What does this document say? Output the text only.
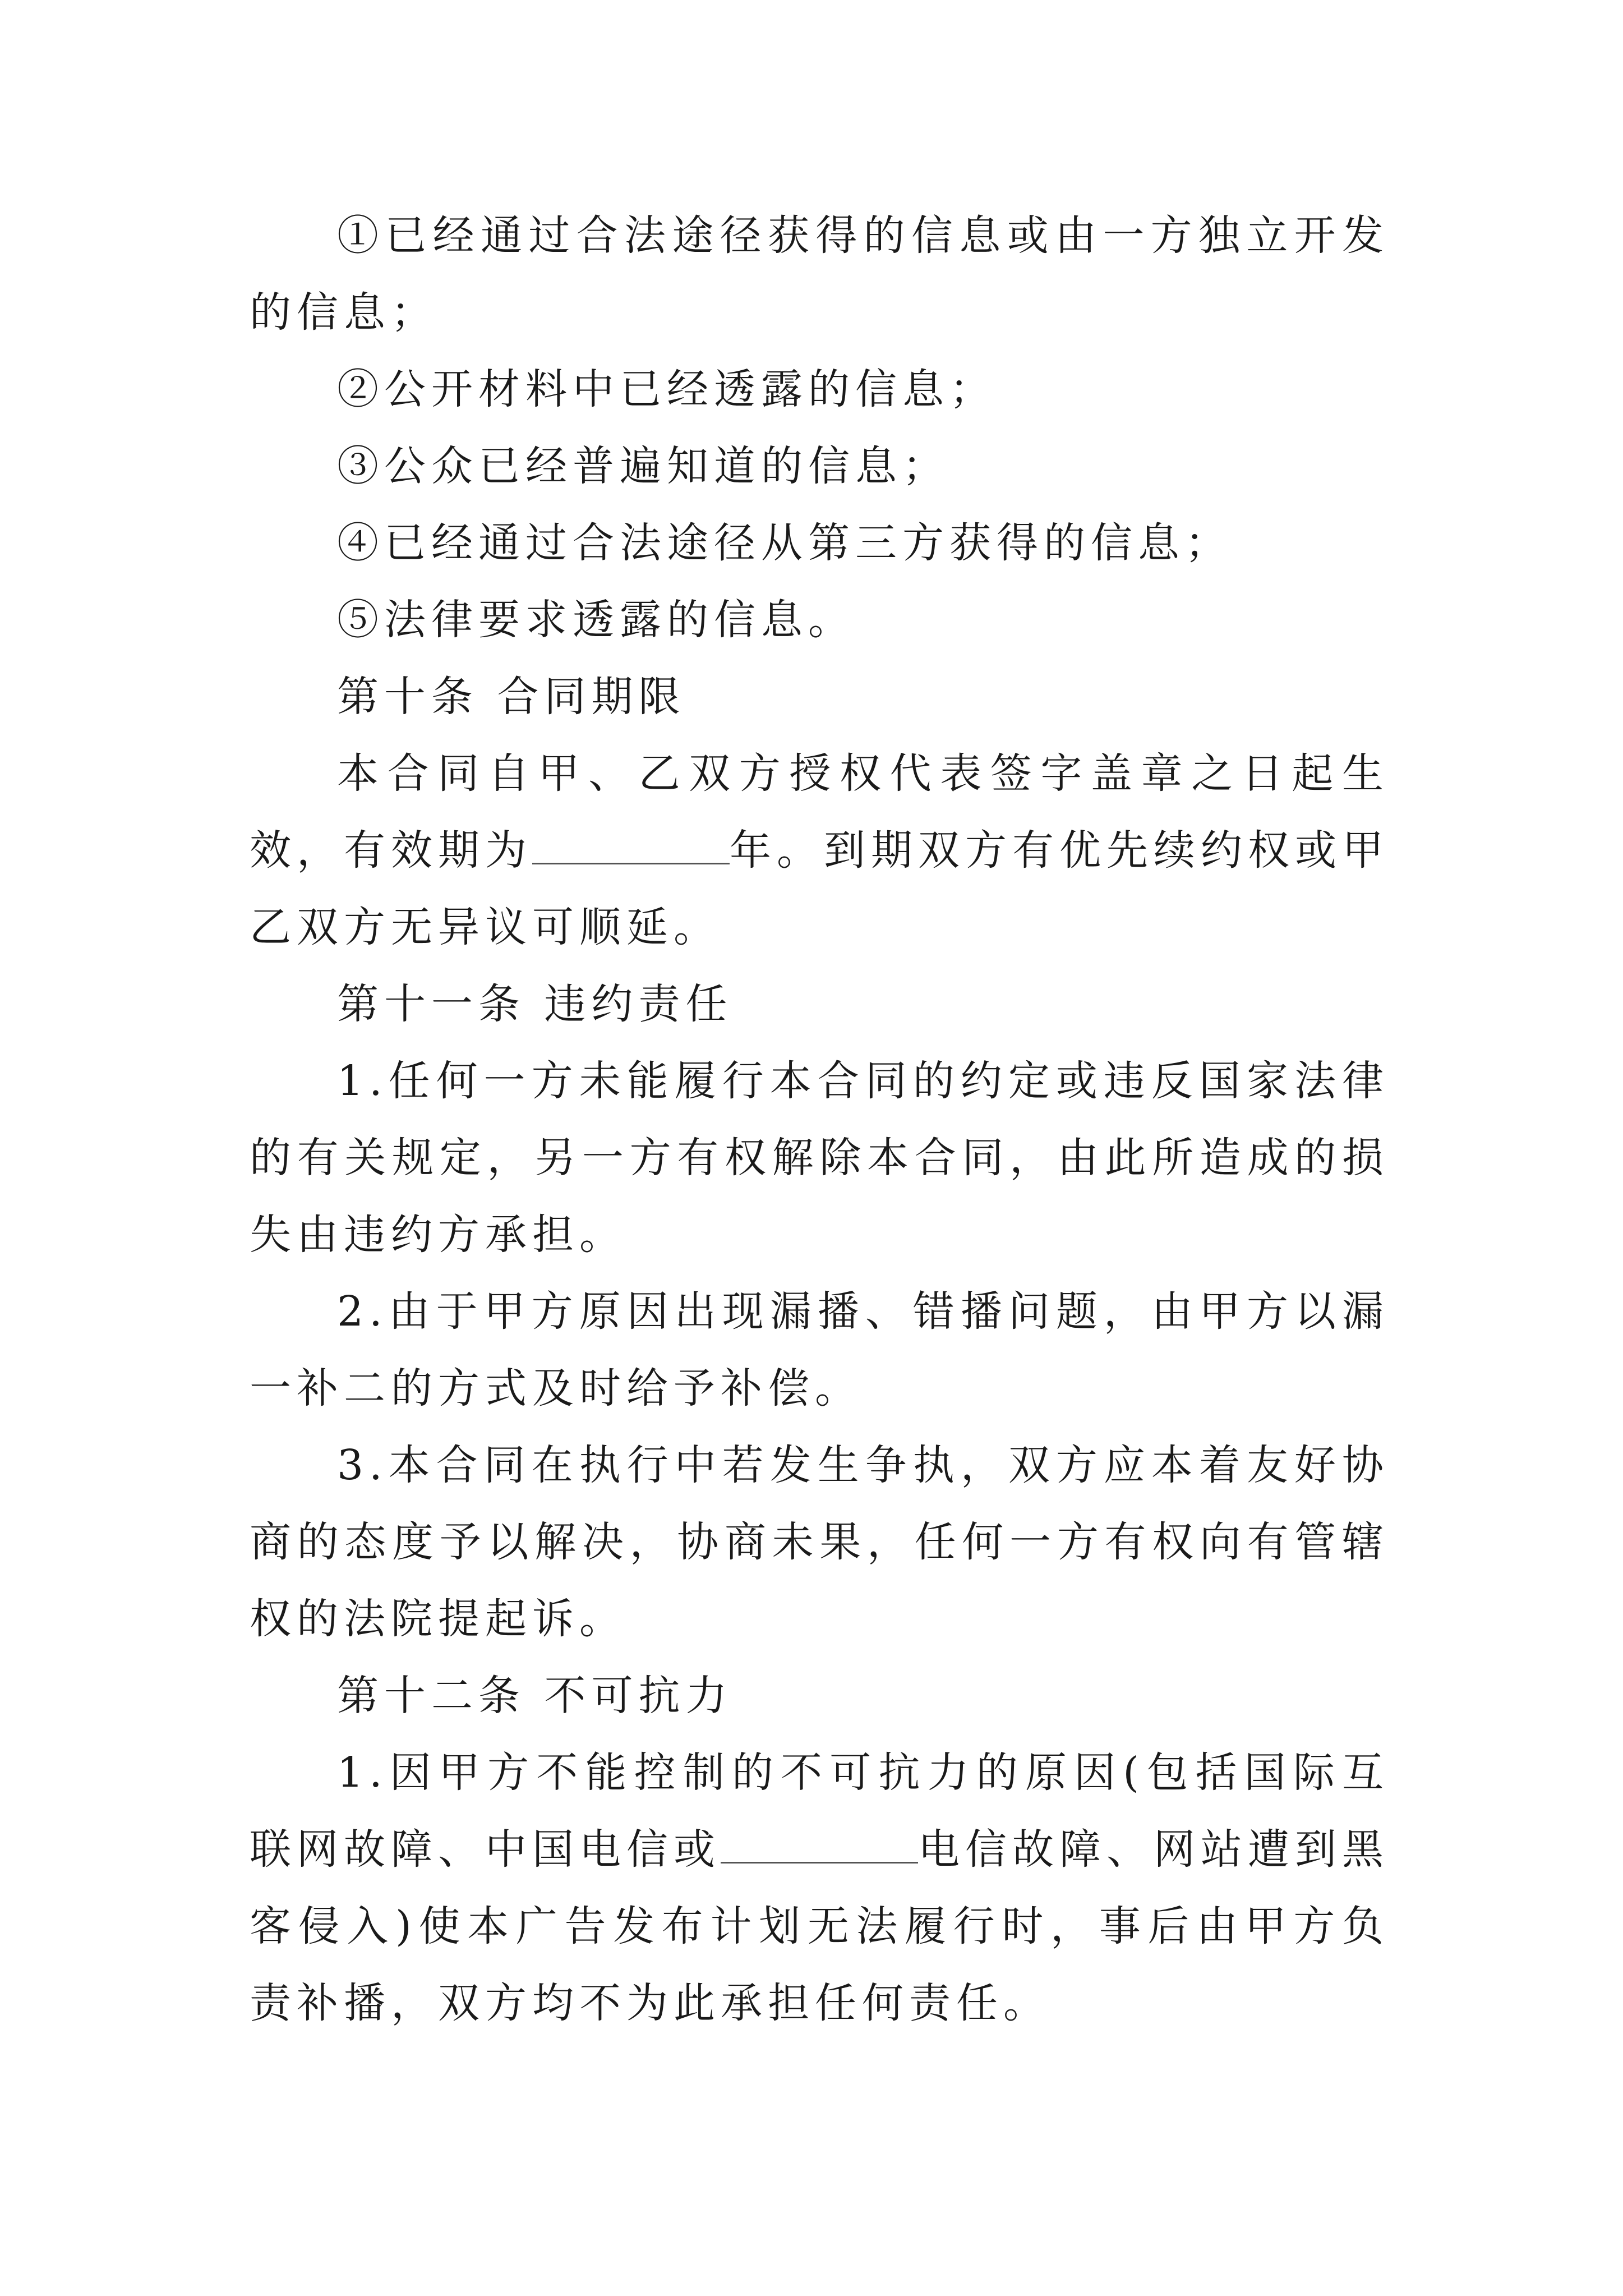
①已经通过合法途径获得的信息或由一方独立开发的信息；

②公开材料中已经透露的信息；

③公众已经普遍知道的信息；

④已经通过合法途径从第三方获得的信息；

⑤法律要求透露的信息。

第十条 合同期限

本合同自甲、乙双方授权代表签字盖章之日起生效，有效期为	年。到期双方有优先续约权或甲乙双方无异议可顺延。

第十一条 违约责任

1.任何一方未能履行本合同的约定或违反国家法律的有关规定，另一方有权解除本合同，由此所造成的损失由违约方承担。

2.由于甲方原因出现漏播、错播问题，由甲方以漏一补二的方式及时给予补偿。

3.本合同在执行中若发生争执，双方应本着友好协商的态度予以解决，协商未果，任何一方有权向有管辖权的法院提起诉。

第十二条 不可抗力

1.因甲方不能控制的不可抗力的原因(包括国际互联网故障、中国电信或	电信故障、网站遭到黑客侵入)使本广告发布计划无法履行时，事后由甲方负责补播，双方均不为此承担任何责任。
